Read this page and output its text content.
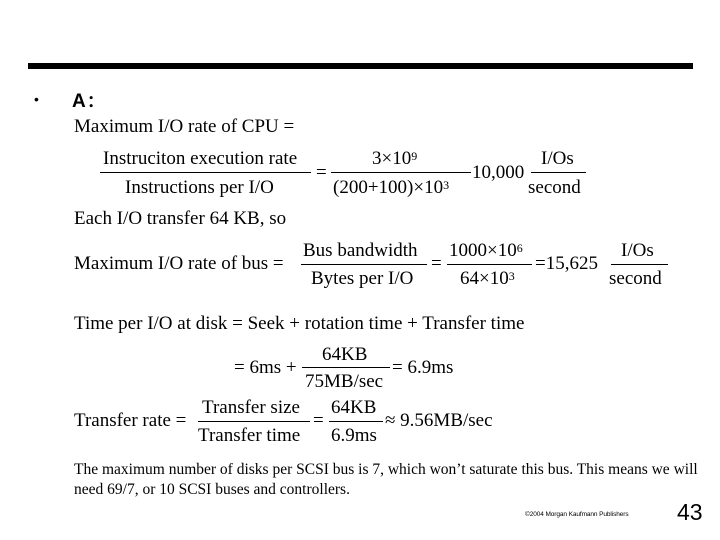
• A：
Maximum I/O rate of CPU =
Instruciton execution rate
Instructions per I/O
=
$3\times 10^9$
$(200+100)\times 10^3$
10,000
I/Os
second
Each I/O transfer 64 KB, so
Maximum I/O rate of bus =
Bus bandwidth
Bytes per I/O
=
$1000\times 10^6$
$64\times 10^3$
=15,625
I/Os
second
Time per I/O at disk = Seek + rotation time + Transfer time
= 6ms +
64KB
75MB/sec
= 6.9ms
Transfer rate =
Transfer size
Transfer time
=
64KB
6.9ms
≈ 9.56MB/sec
The maximum number of disks per SCSI bus is 7, which won’t saturate this bus. This means we will need 69/7, or 10 SCSI buses and controllers.
©2004 Morgan Kaufmann Publishers 43
